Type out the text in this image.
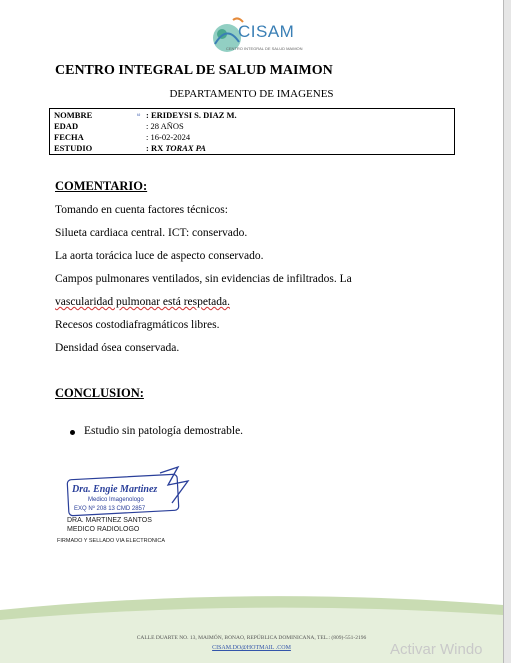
CISAM
CENTRO INTEGRAL DE SALUD MAIMON
CENTRO INTEGRAL DE SALUD MAIMON
DEPARTAMENTO DE IMAGENES
ω
NOMBRE	: ERIDEYSI S. DIAZ M.
EDAD	: 28 AÑOS
FECHA	: 16-02-2024
ESTUDIO	: RX TORAX PA
COMENTARIO:
Tomando en cuenta factores técnicos:
Silueta cardiaca central. ICT: conservado.
La aorta torácica luce de aspecto conservado.
Campos pulmonares ventilados, sin evidencias de infiltrados. La
vascularidad pulmonar está respetada.
Recesos costodiafragmáticos libres.
Densidad ósea conservada.
CONCLUSION:
Estudio sin patología demostrable.
Dra. Engie Martinez
Medico Imagenologo
EXQ Nº 208 13 CMD 2857
DRA. MARTINEZ SANTOS
MEDICO RADIOLOGO
FIRMADO Y SELLADO VIA ELECTRONICA
CALLE DUARTE NO. 13, MAIMÓN, BONAO, REPÚBLICA DOMINICANA, TEL.: (809)-551-2196
CISAM.DO@HOTMAIL .COM	Activar Windo
